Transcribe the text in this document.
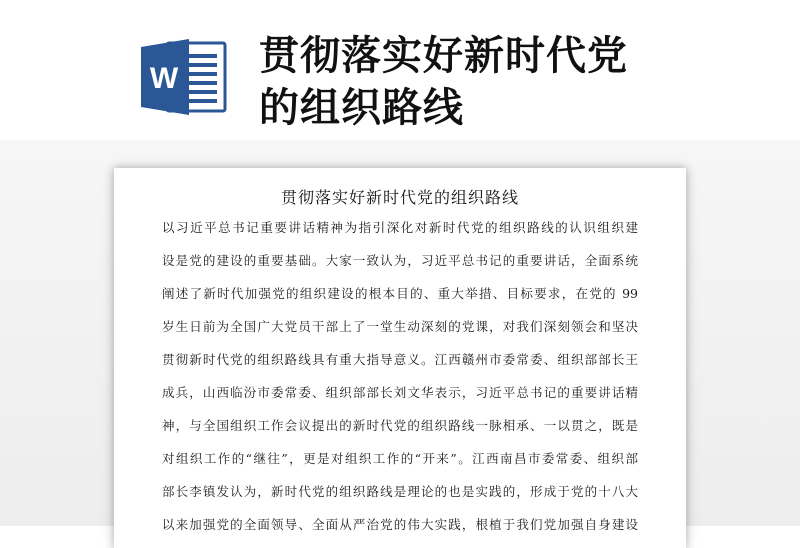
W 贯彻落实好新时代党
的组织路线
贯彻落实好新时代党的组织路线
以习近平总书记重要讲话精神为指引深化对新时代党的组织路线的认识组织建
设是党的建设的重要基础。大家一致认为，习近平总书记的重要讲话，全面系统
阐述了新时代加强党的组织建设的根本目的、重大举措、目标要求，在党的 99
岁生日前为全国广大党员干部上了一堂生动深刻的党课，对我们深刻领会和坚决
贯彻新时代党的组织路线具有重大指导意义。江西赣州市委常委、组织部部长王
成兵，山西临汾市委常委、组织部部长刘文华表示，习近平总书记的重要讲话精
神，与全国组织工作会议提出的新时代党的组织路线一脉相承、一以贯之，既是
对组织工作的“继往”，更是对组织工作的“开来”。江西南昌市委常委、组织部
部长李镇发认为，新时代党的组织路线是理论的也是实践的，形成于党的十八大
以来加强党的全面领导、全面从严治党的伟大实践，根植于我们党加强自身建设
